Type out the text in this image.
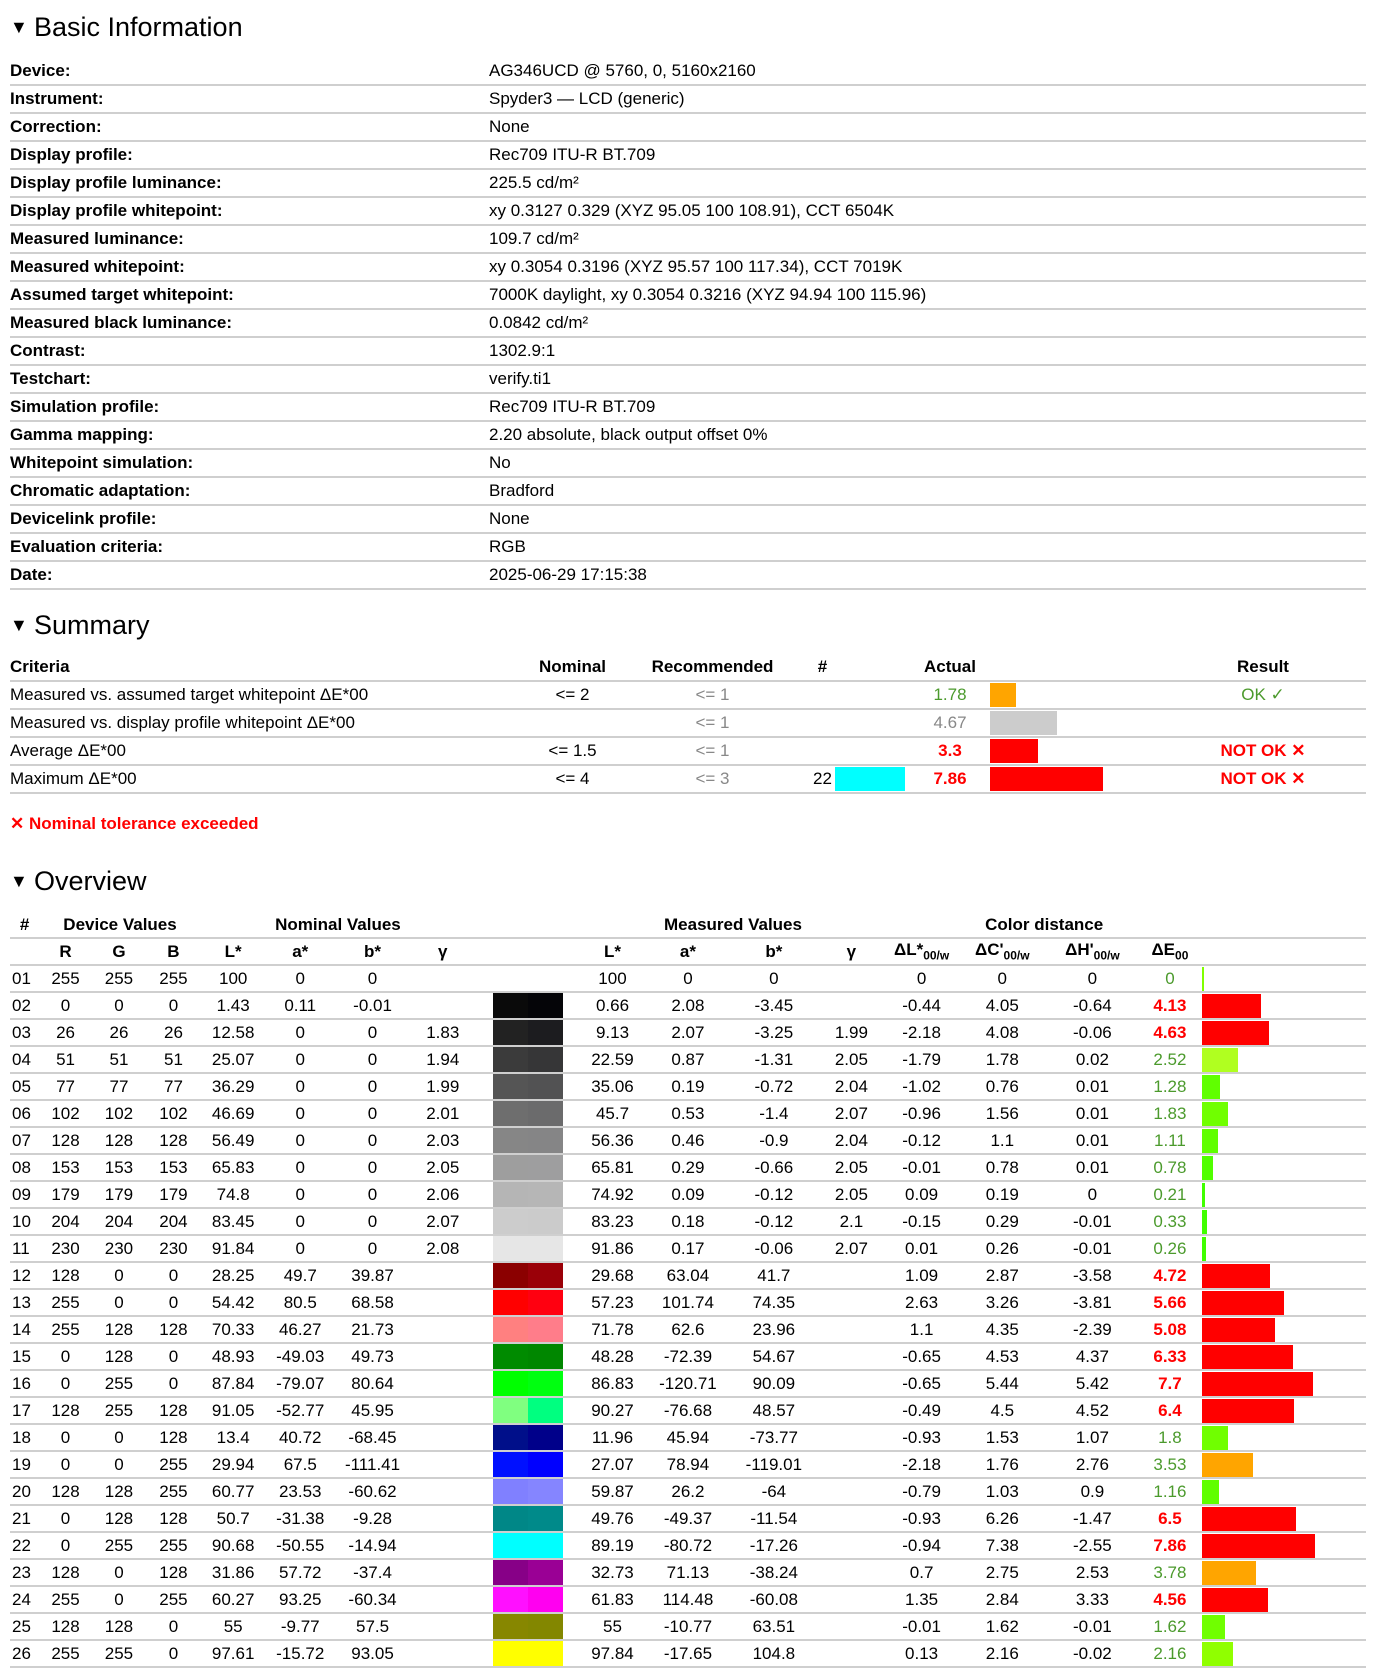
▼ Basic Information
Device:	AG346UCD @ 5760, 0, 5160x2160
Instrument:	Spyder3 — LCD (generic)
Correction:	None
Display profile:	Rec709 ITU-R BT.709
Display profile luminance:	225.5 cd/m²
Display profile whitepoint:	xy 0.3127 0.329 (XYZ 95.05 100 108.91), CCT 6504K
Measured luminance:	109.7 cd/m²
Measured whitepoint:	xy 0.3054 0.3196 (XYZ 95.57 100 117.34), CCT 7019K
Assumed target whitepoint:	7000K daylight, xy 0.3054 0.3216 (XYZ 94.94 100 115.96)
Measured black luminance:	0.0842 cd/m²
Contrast:	1302.9:1
Testchart:	verify.ti1
Simulation profile:	Rec709 ITU-R BT.709
Gamma mapping:	2.20 absolute, black output offset 0%
Whitepoint simulation:	No
Chromatic adaptation:	Bradford
Devicelink profile:	None
Evaluation criteria:	RGB
Date:	2025-06-29 17:15:38
▼ Summary
Criteria	Nominal	Recommended	#		Actual		Result
Measured vs. assumed target whitepoint ΔE*00	<= 2	<= 1			1.78		OK ✓
Measured vs. display profile whitepoint ΔE*00		<= 1			4.67	

Average ΔE*00	<= 1.5	<= 1			3.3		NOT OK ✕
Maximum ΔE*00	<= 4	<= 3	22		7.86		NOT OK ✕
✕ Nominal tolerance exceeded
▼ Overview
#	Device Values			Nominal Values					Measured Values				Color distance				
	R	G	B	L*	a*	b*	γ		L*	a*	b*	γ	$\Delta L*_{00/w}$	$\Delta C'_{00/w}$	$\Delta H'_{00/w}$	$\Delta E_{00}$	
01	255	255	255	100	0	0			100	0	0		0	0	0	0	

02	0	0	0	1.43	0.11	-0.01			0.66	2.08	-3.45		-0.44	4.05	-0.64	4.13	

03	26	26	26	12.58	0	0	1.83		9.13	2.07	-3.25	1.99	-2.18	4.08	-0.06	4.63	

04	51	51	51	25.07	0	0	1.94		22.59	0.87	-1.31	2.05	-1.79	1.78	0.02	2.52	

05	77	77	77	36.29	0	0	1.99		35.06	0.19	-0.72	2.04	-1.02	0.76	0.01	1.28	

06	102	102	102	46.69	0	0	2.01		45.7	0.53	-1.4	2.07	-0.96	1.56	0.01	1.83	

07	128	128	128	56.49	0	0	2.03		56.36	0.46	-0.9	2.04	-0.12	1.1	0.01	1.11	

08	153	153	153	65.83	0	0	2.05		65.81	0.29	-0.66	2.05	-0.01	0.78	0.01	0.78	

09	179	179	179	74.8	0	0	2.06		74.92	0.09	-0.12	2.05	0.09	0.19	0	0.21	

10	204	204	204	83.45	0	0	2.07		83.23	0.18	-0.12	2.1	-0.15	0.29	-0.01	0.33	

11	230	230	230	91.84	0	0	2.08		91.86	0.17	-0.06	2.07	0.01	0.26	-0.01	0.26	

12	128	0	0	28.25	49.7	39.87			29.68	63.04	41.7		1.09	2.87	-3.58	4.72	

13	255	0	0	54.42	80.5	68.58			57.23	101.74	74.35		2.63	3.26	-3.81	5.66	

14	255	128	128	70.33	46.27	21.73			71.78	62.6	23.96		1.1	4.35	-2.39	5.08	

15	0	128	0	48.93	-49.03	49.73			48.28	-72.39	54.67		-0.65	4.53	4.37	6.33	

16	0	255	0	87.84	-79.07	80.64			86.83	-120.71	90.09		-0.65	5.44	5.42	7.7	

17	128	255	128	91.05	-52.77	45.95			90.27	-76.68	48.57		-0.49	4.5	4.52	6.4	

18	0	0	128	13.4	40.72	-68.45			11.96	45.94	-73.77		-0.93	1.53	1.07	1.8	

19	0	0	255	29.94	67.5	-111.41			27.07	78.94	-119.01		-2.18	1.76	2.76	3.53	

20	128	128	255	60.77	23.53	-60.62			59.87	26.2	-64		-0.79	1.03	0.9	1.16	

21	0	128	128	50.7	-31.38	-9.28			49.76	-49.37	-11.54		-0.93	6.26	-1.47	6.5	

22	0	255	255	90.68	-50.55	-14.94			89.19	-80.72	-17.26		-0.94	7.38	-2.55	7.86	

23	128	0	128	31.86	57.72	-37.4			32.73	71.13	-38.24		0.7	2.75	2.53	3.78	

24	255	0	255	60.27	93.25	-60.34			61.83	114.48	-60.08		1.35	2.84	3.33	4.56	

25	128	128	0	55	-9.77	57.5			55	-10.77	63.51		-0.01	1.62	-0.01	1.62	

26	255	255	0	97.61	-15.72	93.05			97.84	-17.65	104.8		0.13	2.16	-0.02	2.16	
